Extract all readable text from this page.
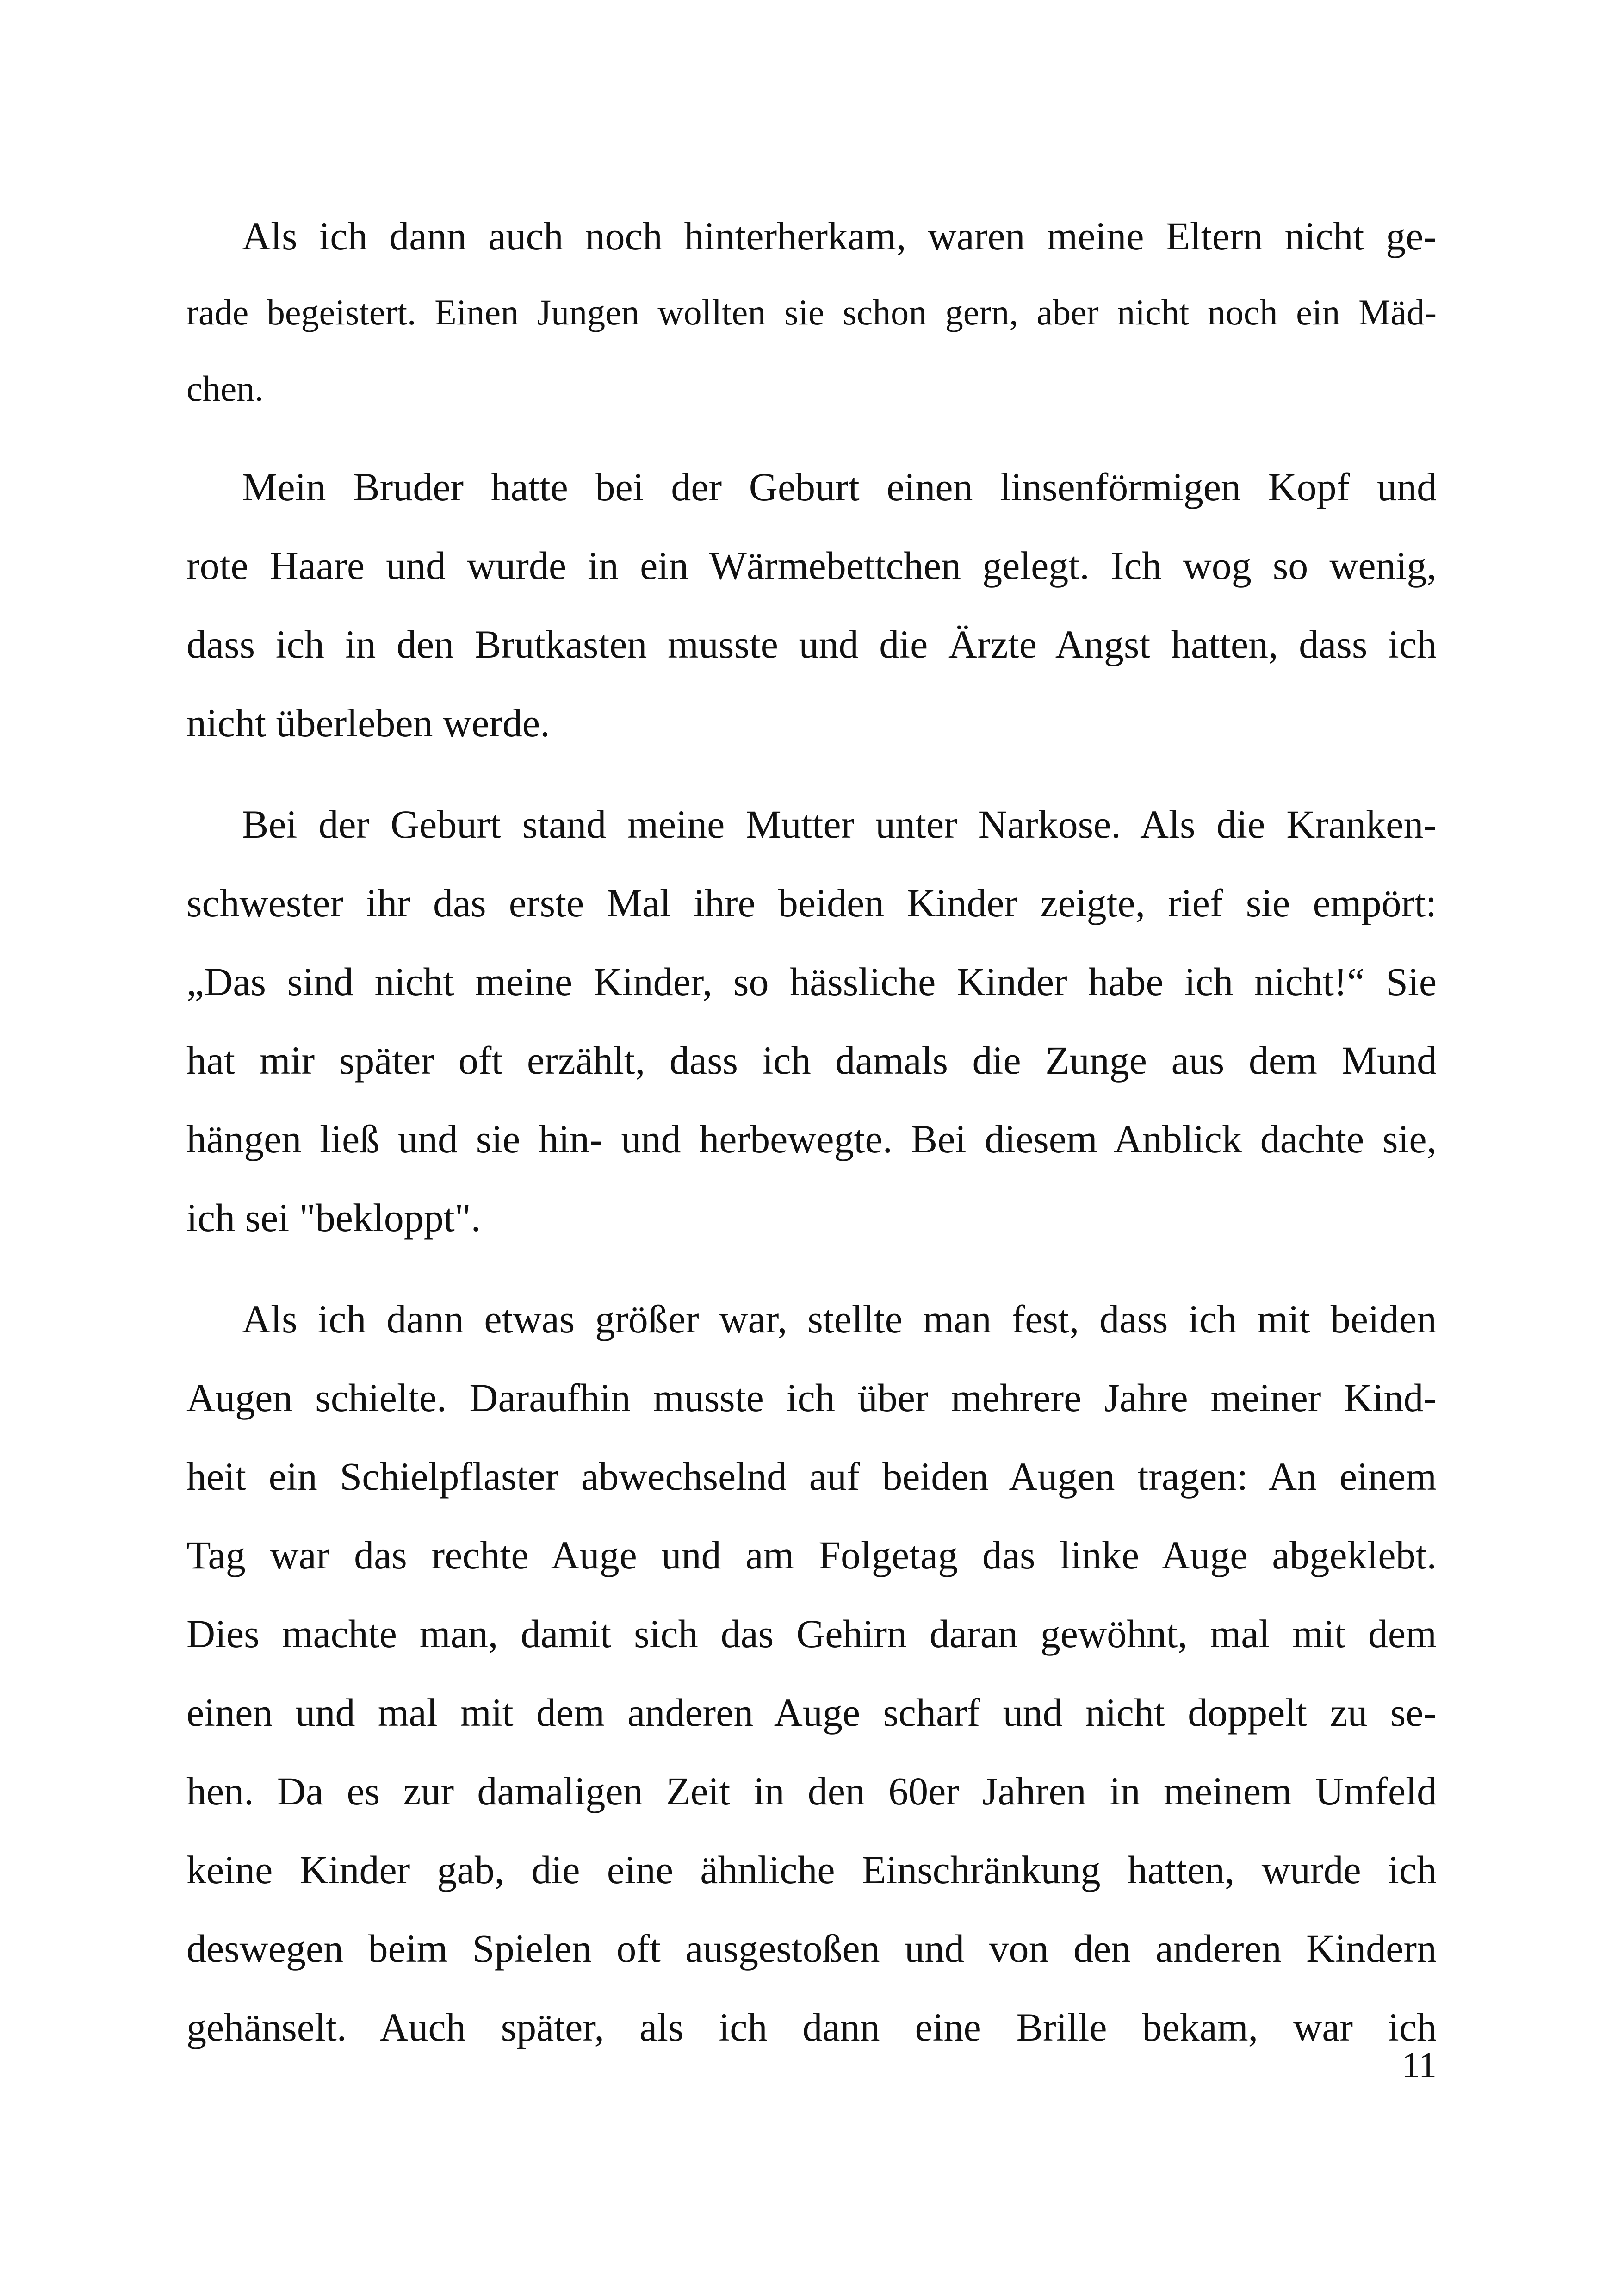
Als ich dann auch noch hinterherkam, waren meine Eltern nicht ge-
rade begeistert. Einen Jungen wollten sie schon gern, aber nicht noch ein Mäd-
chen.
Mein Bruder hatte bei der Geburt einen linsenförmigen Kopf und
rote Haare und wurde in ein Wärmebettchen gelegt. Ich wog so wenig,
dass ich in den Brutkasten musste und die Ärzte Angst hatten, dass ich
nicht überleben werde.
Bei der Geburt stand meine Mutter unter Narkose. Als die Kranken-
schwester ihr das erste Mal ihre beiden Kinder zeigte, rief sie empört:
„Das sind nicht meine Kinder, so hässliche Kinder habe ich nicht!“ Sie
hat mir später oft erzählt, dass ich damals die Zunge aus dem Mund
hängen ließ und sie hin- und herbewegte. Bei diesem Anblick dachte sie,
ich sei "bekloppt".
Als ich dann etwas größer war, stellte man fest, dass ich mit beiden
Augen schielte. Daraufhin musste ich über mehrere Jahre meiner Kind-
heit ein Schielpflaster abwechselnd auf beiden Augen tragen: An einem
Tag war das rechte Auge und am Folgetag das linke Auge abgeklebt.
Dies machte man, damit sich das Gehirn daran gewöhnt, mal mit dem
einen und mal mit dem anderen Auge scharf und nicht doppelt zu se-
hen. Da es zur damaligen Zeit in den 60er Jahren in meinem Umfeld
keine Kinder gab, die eine ähnliche Einschränkung hatten, wurde ich
deswegen beim Spielen oft ausgestoßen und von den anderen Kindern
gehänselt. Auch später, als ich dann eine Brille bekam, war ich
11
